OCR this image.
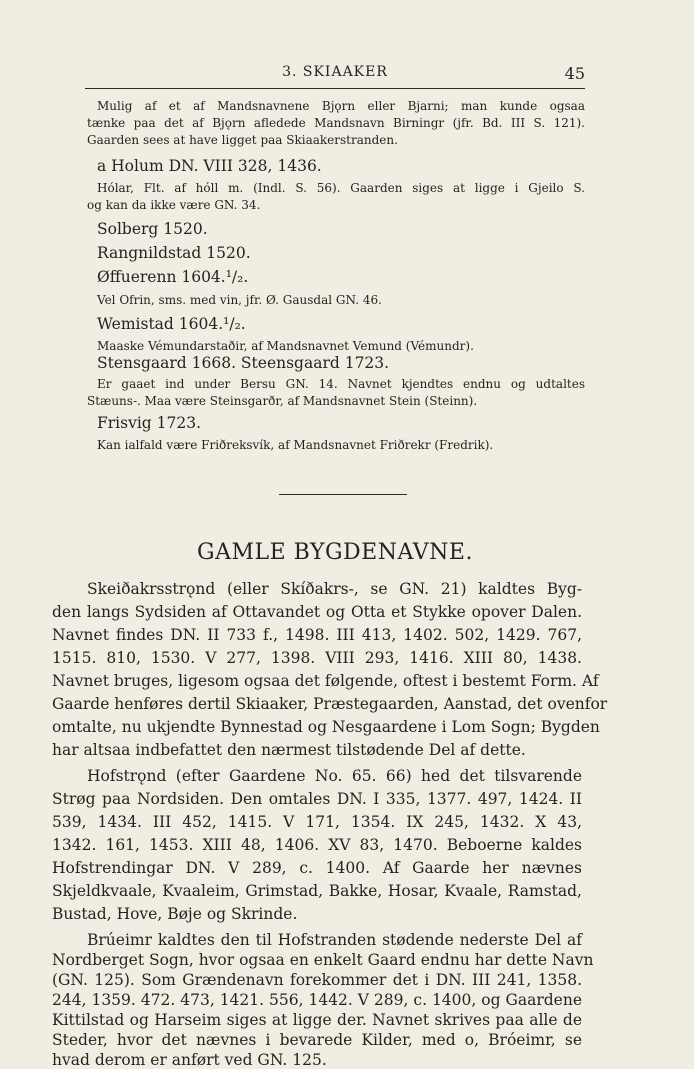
3. SKIAAKER	45
Mulig af et af Mandsnavnene Bjǫrn eller Bjarni; man kunde ogsaa
tænke paa det af Bjǫrn afledede Mandsnavn Birningr (jfr. Bd. III S. 121).
Gaarden sees at have ligget paa Skiaakerstranden.
a Holum DN. VIII 328, 1436.
Hólar, Flt. af hóll m. (Indl. S. 56). Gaarden siges at ligge i Gjeilo S.
og kan da ikke være GN. 34.
Solberg 1520.
Rangnildstad 1520.
Øffuerenn 1604.¹/₂.
Vel Ofrin, sms. med vin, jfr. Ø. Gausdal GN. 46.
Wemistad 1604.¹/₂.
Maaske Vémundarstaðir, af Mandsnavnet Vemund (Vémundr).
Stensgaard 1668. Steensgaard 1723.
Er gaaet ind under Bersu GN. 14. Navnet kjendtes endnu og udtaltes
Stæuns-. Maa være Steinsgarðr, af Mandsnavnet Stein (Steinn).
Frisvig 1723.
Kan ialfald være Friðreksvík, af Mandsnavnet Friðrekr (Fredrik).
GAMLE BYGDENAVNE.
Skeiðakrsstrǫnd (eller Skíðakrs-, se GN. 21) kaldtes Byg-
den langs Sydsiden af Ottavandet og Otta et Stykke opover Dalen.
Navnet findes DN. II 733 f., 1498. III 413, 1402. 502, 1429. 767,
1515. 810, 1530. V 277, 1398. VIII 293, 1416. XIII 80, 1438.
Navnet bruges, ligesom ogsaa det følgende, oftest i bestemt Form. Af
Gaarde henføres dertil Skiaaker, Præstegaarden, Aanstad, det ovenfor
omtalte, nu ukjendte Bynnestad og Nesgaardene i Lom Sogn; Bygden
har altsaa indbefattet den nærmest tilstødende Del af dette.
Hofstrǫnd (efter Gaardene No. 65. 66) hed det tilsvarende
Strøg paa Nordsiden. Den omtales DN. I 335, 1377. 497, 1424. II
539, 1434. III 452, 1415. V 171, 1354. IX 245, 1432. X 43,
1342. 161, 1453. XIII 48, 1406. XV 83, 1470. Beboerne kaldes
Hofstrendingar DN. V 289, c. 1400. Af Gaarde her nævnes
Skjeldkvaale, Kvaaleim, Grimstad, Bakke, Hosar, Kvaale, Ramstad,
Bustad, Hove, Bøje og Skrinde.
Brúeimr kaldtes den til Hofstranden stødende nederste Del af
Nordberget Sogn, hvor ogsaa en enkelt Gaard endnu har dette Navn
(GN. 125). Som Grændenavn forekommer det i DN. III 241, 1358.
244, 1359. 472. 473, 1421. 556, 1442. V 289, c. 1400, og Gaardene
Kittilstad og Harseim siges at ligge der. Navnet skrives paa alle de
Steder, hvor det nævnes i bevarede Kilder, med o, Bróeimr, se
hvad derom er anført ved GN. 125.
